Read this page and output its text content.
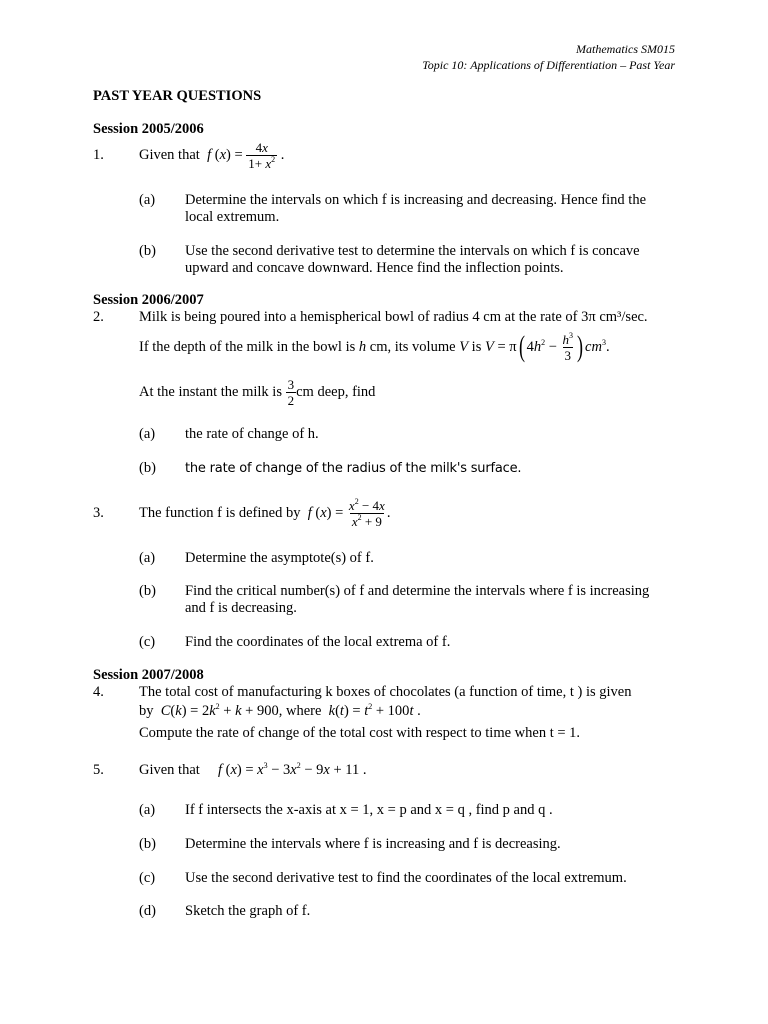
Mathematics SM015
Topic 10: Applications of Differentiation – Past Year
PAST YEAR QUESTIONS
Session 2005/2006
1. Given that
f $(x) = \frac{4x}{1+ x^2}$ .
(a) Determine the intervals on which f is increasing and decreasing. Hence find the local extremum.
(b) Use the second derivative test to determine the intervals on which f is concave upward and concave downward. Hence find the inflection points.
Session 2006/2007
2. Milk is being poured into a hemispherical bowl of radius 4 cm at the rate of 3π cm³/sec.
If the depth of the milk in the bowl is
h
cm, its volume
V
is
V = π( $4h^2 - \frac{h^3}{3}$ ) $cm^3$.
At the instant the milk is
$\frac{3}{2}$ cm deep, find
(a) the rate of change of h.
(b) the rate of change of the radius of the milk's surface.
3. The function f is defined by
f $(x) = \frac{x^2 - 4x}{x^2 + 9}$ .
(a) Determine the asymptote(s) of f.
(b) Find the critical number(s) of f and determine the intervals where f is increasing and f is decreasing.
(c) Find the coordinates of the local extrema of f.
Session 2007/2008
4. The total cost of manufacturing k boxes of chocolates (a function of time, t ) is given
by $C(k) = 2k^2 + k + 900$, where $k(t) = t^2 + 100t$ .
Compute the rate of change of the total cost with respect to time when t = 1.
5. Given that f $(x) = x^3 - 3x^2 - 9x + 11$ .
(a) If f intersects the x-axis at x = 1, x = p and x = q , find p and q .
(b) Determine the intervals where f is increasing and f is decreasing.
(c) Use the second derivative test to find the coordinates of the local extremum.
(d) Sketch the graph of f.
